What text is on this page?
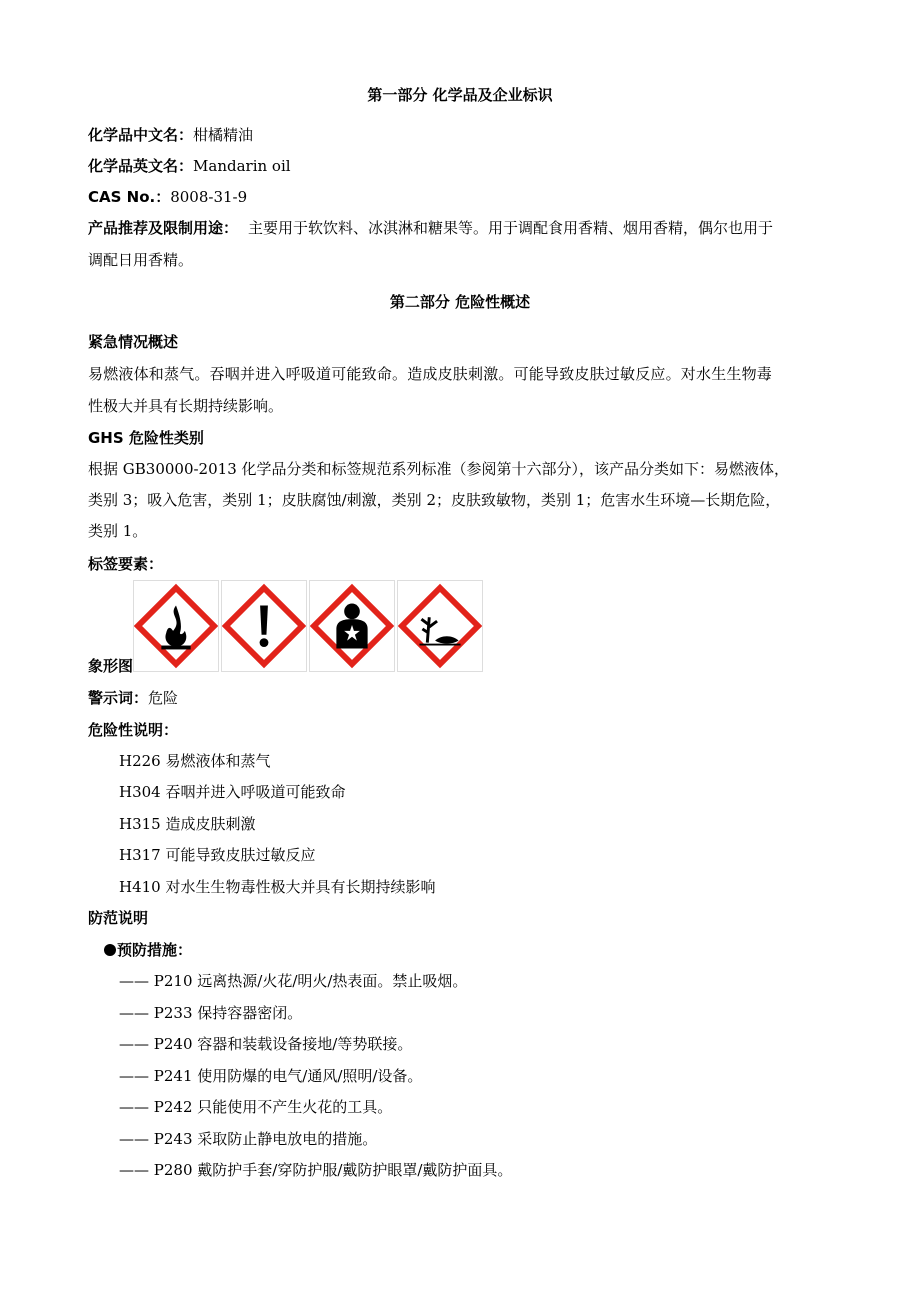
第一部分 化学品及企业标识
化学品中文名：柑橘精油
化学品英文名：Mandarin oil
CAS No.：8008-31-9
产品推荐及限制用途： 主要用于软饮料、冰淇淋和糖果等。用于调配食用香精、烟用香精，偶尔也用于
调配日用香精。
第二部分 危险性概述
紧急情况概述
易燃液体和蒸气。吞咽并进入呼吸道可能致命。造成皮肤刺激。可能导致皮肤过敏反应。对水生生物毒
性极大并具有长期持续影响。
GHS 危险性类别
根据 GB30000-2013 化学品分类和标签规范系列标准（参阅第十六部分），该产品分类如下：易燃液体，
类别 3；吸入危害，类别 1；皮肤腐蚀/刺激，类别 2；皮肤致敏物，类别 1；危害水生环境—长期危险，
类别 1。
标签要素：
象形图
警示词：危险
危险性说明：
H226 易燃液体和蒸气
H304 吞咽并进入呼吸道可能致命
H315 造成皮肤刺激
H317 可能导致皮肤过敏反应
H410 对水生生物毒性极大并具有长期持续影响
防范说明
预防措施：
—— P210 远离热源/火花/明火/热表面。禁止吸烟。
—— P233 保持容器密闭。
—— P240 容器和装载设备接地/等势联接。
—— P241 使用防爆的电气/通风/照明/设备。
—— P242 只能使用不产生火花的工具。
—— P243 采取防止静电放电的措施。
—— P280 戴防护手套/穿防护服/戴防护眼罩/戴防护面具。
